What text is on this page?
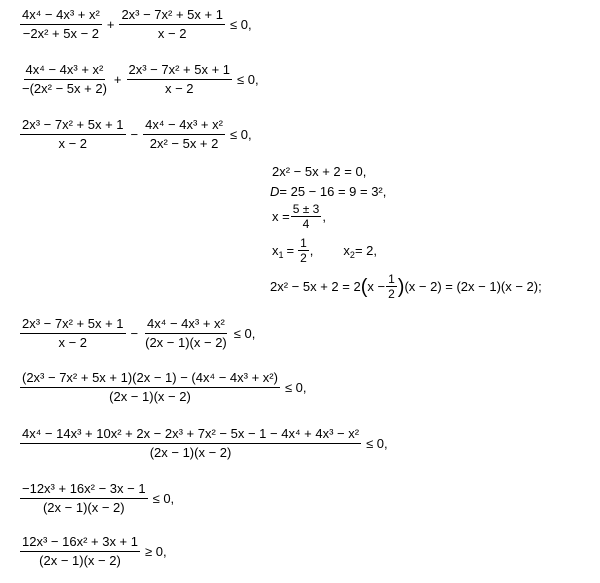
$\frac{\text{4x⁴ − 4x³ + x²}}{\text{−2x² + 5x − 2}} + \frac{\text{2x³ − 7x² + 5x + 1}}{x - 2} \le 0$,
$\frac{\text{4x⁴ − 4x³ + x²}}{\text{−(2x² − 5x + 2)}} + \frac{\text{2x³ − 7x² + 5x + 1}}{x - 2} \le 0$,
$\frac{\text{2x³ − 7x² + 5x + 1}}{x - 2} - \frac{\text{4x⁴ − 4x³ + x²}}{\text{2x² − 5x + 2}} \le 0$,
2x² − 5x + 2 = 0,
D = 25 − 16 = 9 = 3²,
$x = \frac{5 \pm 3}{4}$ ,
x $1 = \frac{1}{2}$ , x 2 = 2,
2x² − 5x + 2 = 2 ( $x - \frac{1}{2}$ ) (x − 2) = (2x − 1)(x − 2);
$\frac{\text{2x³ − 7x² + 5x + 1}}{x - 2} - \frac{\text{4x⁴ − 4x³ + x²}}{(2x - 1)(x - 2)} \le 0$,
$\frac{\text{(2x³ − 7x² + 5x + 1)(2x − 1) − (4x⁴ − 4x³ + x²)}}{(2x - 1)(x - 2)} \le 0$,
$\frac{\text{4x⁴ − 14x³ + 10x² + 2x − 2x³ + 7x² − 5x − 1 − 4x⁴ + 4x³ − x²}}{(2x - 1)(x - 2)} \le 0$,
$\frac{\text{−12x³ + 16x² − 3x − 1}}{(2x - 1)(x - 2)} \le 0$,
$\frac{\text{12x³ − 16x² + 3x + 1}}{(2x - 1)(x - 2)} \ge 0$,
